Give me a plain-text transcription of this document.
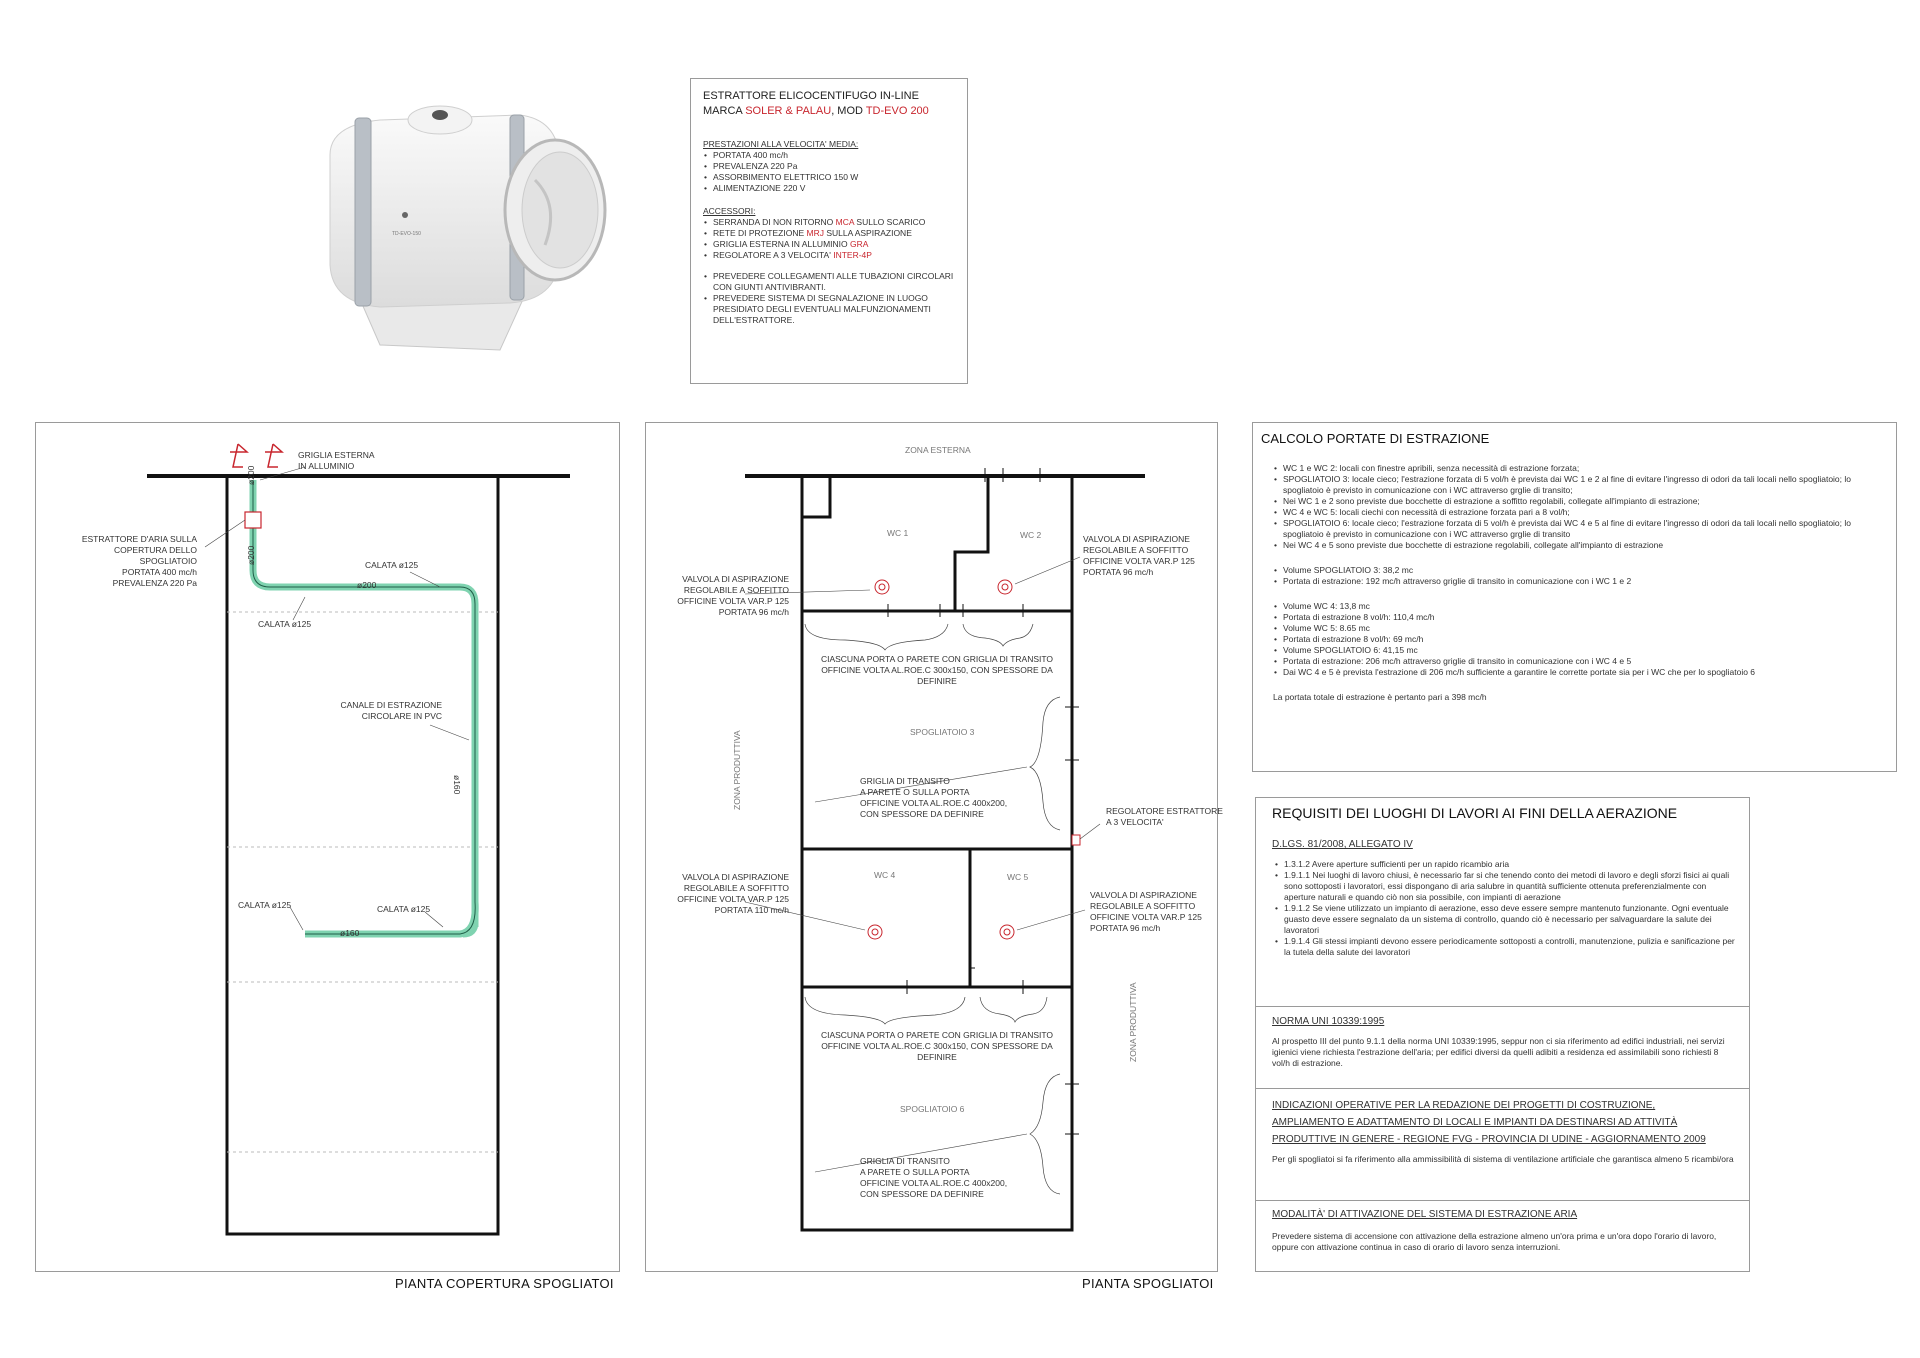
TD-EVO-150
ESTRATTORE ELICOCENTIFUGO IN-LINE
MARCA SOLER & PALAU, MOD TD-EVO 200
PRESTAZIONI ALLA VELOCITA' MEDIA:
• PORTATA 400 mc/h
• PREVALENZA 220 Pa
• ASSORBIMENTO ELETTRICO 150 W
• ALIMENTAZIONE 220 V
ACCESSORI:
• SERRANDA DI NON RITORNO MCA SULLO SCARICO
• RETE DI PROTEZIONE MRJ SULLA ASPIRAZIONE
• GRIGLIA ESTERNA IN ALLUMINIO GRA
• REGOLATORE A 3 VELOCITA' INTER-4P
• PREVEDERE COLLEGAMENTI ALLE TUBAZIONI CIRCOLARI CON GIUNTI ANTIVIBRANTI.
• PREVEDERE SISTEMA DI SEGNALAZIONE IN LUOGO PRESIDIATO DEGLI EVENTUALI MALFUNZIONAMENTI DELL'ESTRATTORE.
GRIGLIA ESTERNA
IN ALLUMINIO
ESTRATTORE D'ARIA SULLA
COPERTURA DELLO SPOGLIATOIO
PORTATA 400 mc/h
PREVALENZA 220 Pa
CANALE DI ESTRAZIONE
CIRCOLARE IN PVC
CALATA ø125
CALATA ø125
CALATA ø125	CALATA ø125
ø200
ø200
ø200
ø160
ø160
PIANTA COPERTURA SPOGLIATOI
ZONA ESTERNA
ZONA PRODUTTIVA
ZONA PRODUTTIVA
WC 1	WC 2
SPOGLIATOIO 3
WC 4	WC 5
SPOGLIATOIO 6
VALVOLA DI ASPIRAZIONE
REGOLABILE A SOFFITTO
OFFICINE VOLTA VAR.P 125
PORTATA 96 mc/h
VALVOLA DI ASPIRAZIONE
REGOLABILE A SOFFITTO
OFFICINE VOLTA VAR.P 125
PORTATA 96 mc/h
VALVOLA DI ASPIRAZIONE
REGOLABILE A SOFFITTO
OFFICINE VOLTA VAR.P 125
PORTATA 110 mc/h
VALVOLA DI ASPIRAZIONE
REGOLABILE A SOFFITTO
OFFICINE VOLTA VAR.P 125
PORTATA 96 mc/h
CIASCUNA PORTA O PARETE CON GRIGLIA DI TRANSITO
OFFICINE VOLTA AL.ROE.C 300x150, CON SPESSORE DA DEFINIRE
CIASCUNA PORTA O PARETE CON GRIGLIA DI TRANSITO
OFFICINE VOLTA AL.ROE.C 300x150, CON SPESSORE DA DEFINIRE
GRIGLIA DI TRANSITO
A PARETE O SULLA PORTA
OFFICINE VOLTA AL.ROE.C 400x200,
CON SPESSORE DA DEFINIRE
GRIGLIA DI TRANSITO
A PARETE O SULLA PORTA
OFFICINE VOLTA AL.ROE.C 400x200,
CON SPESSORE DA DEFINIRE
REGOLATORE ESTRATTORE
A 3 VELOCITA'
PIANTA SPOGLIATOI
CALCOLO PORTATE DI ESTRAZIONE
• WC 1 e WC 2: locali con finestre apribili, senza necessità di estrazione forzata;
• SPOGLIATOIO 3: locale cieco; l'estrazione forzata di 5 vol/h è prevista dai WC 1 e 2 al fine di evitare l'ingresso di odori da tali locali nello spogliatoio; lo spogliatoio è previsto in comunicazione con i WC attraverso grglie di transito;
• Nei WC 1 e 2 sono previste due bocchette di estrazione a soffitto regolabili, collegate all'impianto di estrazione;
• WC 4 e WC 5: locali ciechi con necessità di estrazione forzata pari a 8 vol/h;
• SPOGLIATOIO 6: locale cieco; l'estrazione forzata di 5 vol/h è prevista dai WC 4 e 5 al fine di evitare l'ingresso di odori da tali locali nello spogliatoio; lo spogliatoio è previsto in comunicazione con i WC attraverso grglie di transito
• Nei WC 4 e 5 sono previste due bocchette di estrazione regolabili, collegate all'impianto di estrazione
• Volume SPOGLIATOIO 3: 38,2 mc
• Portata di estrazione: 192 mc/h attraverso griglie di transito in comunicazione con i WC 1 e 2
• Volume WC 4: 13,8 mc
• Portata di estrazione 8 vol/h: 110,4 mc/h
• Volume WC 5: 8.65 mc
• Portata di estrazione 8 vol/h: 69 mc/h
• Volume SPOGLIATOIO 6: 41,15 mc
• Portata di estrazione: 206 mc/h attraverso griglie di transito in comunicazione con i WC 4 e 5
• Dai WC 4 e 5 è prevista l'estrazione di 206 mc/h sufficiente a garantire le corrette portate sia per i WC che per lo spogliatoio 6
La portata totale di estrazione è pertanto pari a 398 mc/h
REQUISITI DEI LUOGHI DI LAVORI AI FINI DELLA AERAZIONE
D.LGS. 81/2008, ALLEGATO IV
• 1.3.1.2 Avere aperture sufficienti per un rapido ricambio aria
• 1.9.1.1 Nei luoghi di lavoro chiusi, è necessario far si che tenendo conto dei metodi di lavoro e degli sforzi fisici ai quali sono sottoposti i lavoratori, essi dispongano di aria salubre in quantità sufficiente ottenuta preferenzialmente con aperture naturali e quando ciò non sia possibile, con impianti di aerazione
• 1.9.1.2 Se viene utilizzato un impianto di aerazione, esso deve essere sempre mantenuto funzionante. Ogni eventuale guasto deve essere segnalato da un sistema di controllo, quando ciò è necessario per salvaguardare la salute dei lavoratori
• 1.9.1.4 Gli stessi impianti devono essere periodicamente sottoposti a controlli, manutenzione, pulizia e sanificazione per la tutela della salute dei lavoratori
NORMA UNI 10339:1995
Al prospetto III del punto 9.1.1 della norma UNI 10339:1995, seppur non ci sia riferimento ad edifici industriali, nei servizi igienici viene richiesta l'estrazione dell'aria; per edifici diversi da quelli adibiti a residenza ed assimilabili sono richiesti 8 vol/h di estrazione.
INDICAZIONI OPERATIVE PER LA REDAZIONE DEI PROGETTI DI COSTRUZIONE,
AMPLIAMENTO E ADATTAMENTO DI LOCALI E IMPIANTI DA DESTINARSI AD ATTIVITÀ
PRODUTTIVE IN GENERE - REGIONE FVG - PROVINCIA DI UDINE - AGGIORNAMENTO 2009
Per gli spogliatoi si fa riferimento alla ammissibilità di sistema di ventilazione artificiale che garantisca almeno 5 ricambi/ora
MODALITÀ' DI ATTIVAZIONE DEL SISTEMA DI ESTRAZIONE ARIA
Prevedere sistema di accensione con attivazione della estrazione almeno un'ora prima e un'ora dopo l'orario di lavoro, oppure con attivazione continua in caso di orario di lavoro senza interruzioni.
